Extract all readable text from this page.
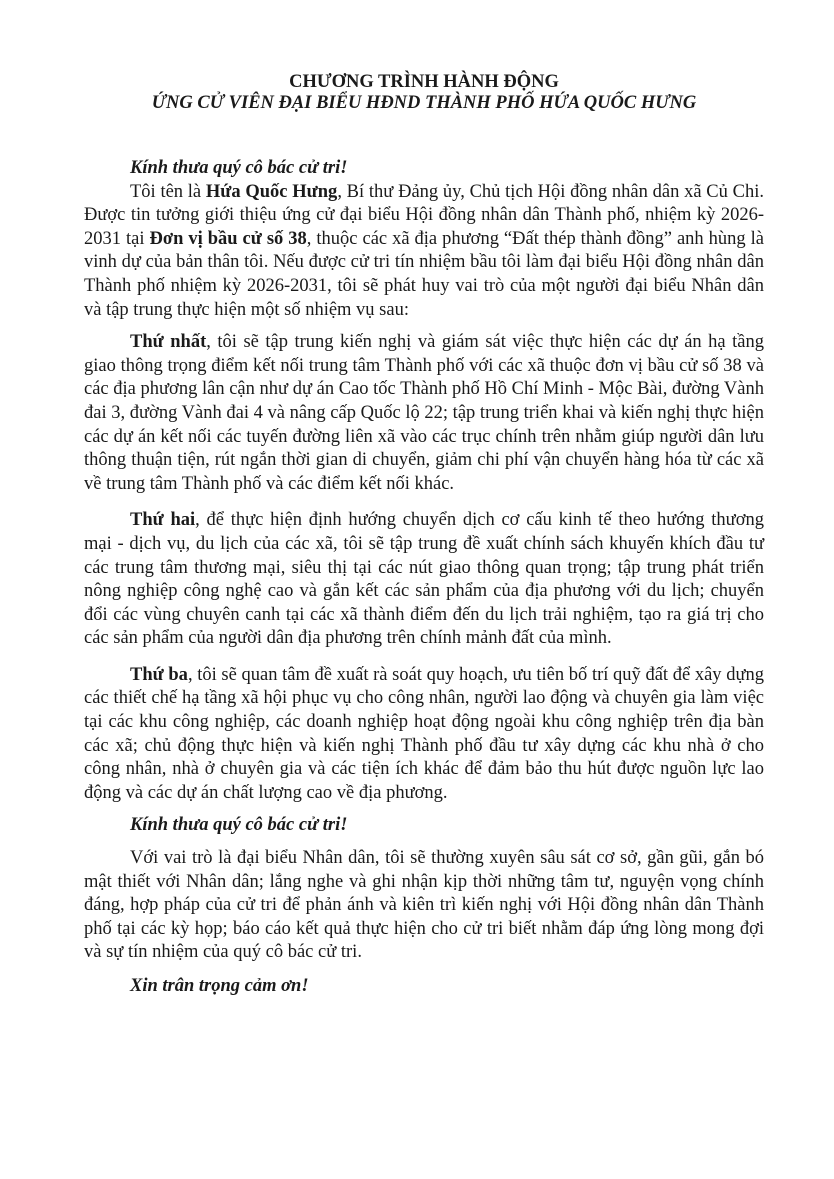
CHƯƠNG TRÌNH HÀNH ĐỘNG
ỨNG CỬ VIÊN ĐẠI BIỂU HĐND THÀNH PHỐ HỨA QUỐC HƯNG

Kính thưa quý cô bác cử tri!

Tôi tên là Hứa Quốc Hưng, Bí thư Đảng ủy, Chủ tịch Hội đồng nhân dân xã Củ Chi. Được tin tưởng giới thiệu ứng cử đại biểu Hội đồng nhân dân Thành phố, nhiệm kỳ 2026-2031 tại Đơn vị bầu cử số 38, thuộc các xã địa phương “Đất thép thành đồng” anh hùng là vinh dự của bản thân tôi. Nếu được cử tri tín nhiệm bầu tôi làm đại biểu Hội đồng nhân dân Thành phố nhiệm kỳ 2026-2031, tôi sẽ phát huy vai trò của một người đại biểu Nhân dân và tập trung thực hiện một số nhiệm vụ sau:

Thứ nhất, tôi sẽ tập trung kiến nghị và giám sát việc thực hiện các dự án hạ tầng giao thông trọng điểm kết nối trung tâm Thành phố với các xã thuộc đơn vị bầu cử số 38 và các địa phương lân cận như dự án Cao tốc Thành phố Hồ Chí Minh - Mộc Bài, đường Vành đai 3, đường Vành đai 4 và nâng cấp Quốc lộ 22; tập trung triển khai và kiến nghị thực hiện các dự án kết nối các tuyến đường liên xã vào các trục chính trên nhằm giúp người dân lưu thông thuận tiện, rút ngắn thời gian di chuyển, giảm chi phí vận chuyển hàng hóa từ các xã về trung tâm Thành phố và các điểm kết nối khác.

Thứ hai, để thực hiện định hướng chuyển dịch cơ cấu kinh tế theo hướng thương mại - dịch vụ, du lịch của các xã, tôi sẽ tập trung đề xuất chính sách khuyến khích đầu tư các trung tâm thương mại, siêu thị tại các nút giao thông quan trọng; tập trung phát triển nông nghiệp công nghệ cao và gắn kết các sản phẩm của địa phương với du lịch; chuyển đổi các vùng chuyên canh tại các xã thành điểm đến du lịch trải nghiệm, tạo ra giá trị cho các sản phẩm của người dân địa phương trên chính mảnh đất của mình.

Thứ ba, tôi sẽ quan tâm đề xuất rà soát quy hoạch, ưu tiên bố trí quỹ đất để xây dựng các thiết chế hạ tầng xã hội phục vụ cho công nhân, người lao động và chuyên gia làm việc tại các khu công nghiệp, các doanh nghiệp hoạt động ngoài khu công nghiệp trên địa bàn các xã; chủ động thực hiện và kiến nghị Thành phố đầu tư xây dựng các khu nhà ở cho công nhân, nhà ở chuyên gia và các tiện ích khác để đảm bảo thu hút được nguồn lực lao động và các dự án chất lượng cao về địa phương.

Kính thưa quý cô bác cử tri!

Với vai trò là đại biểu Nhân dân, tôi sẽ thường xuyên sâu sát cơ sở, gần gũi, gắn bó mật thiết với Nhân dân; lắng nghe và ghi nhận kịp thời những tâm tư, nguyện vọng chính đáng, hợp pháp của cử tri để phản ánh và kiên trì kiến nghị với Hội đồng nhân dân Thành phố tại các kỳ họp; báo cáo kết quả thực hiện cho cử tri biết nhằm đáp ứng lòng mong đợi và sự tín nhiệm của quý cô bác cử tri.

Xin trân trọng cảm ơn!
